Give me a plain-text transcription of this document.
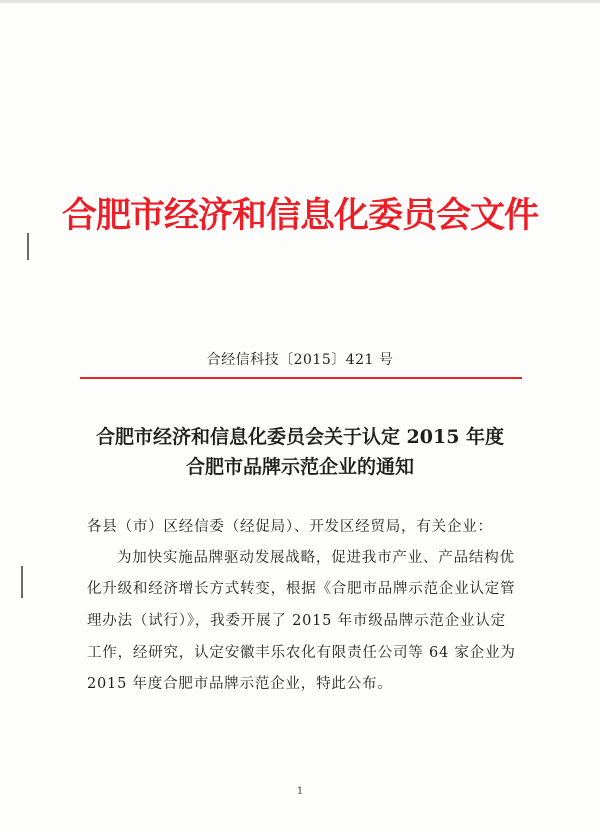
合肥市经济和信息化委员会文件
合经信科技〔2015〕421 号
合肥市经济和信息化委员会关于认定 2015 年度
合肥市品牌示范企业的通知
各县（市）区经信委（经促局）、开发区经贸局，有关企业：
为加快实施品牌驱动发展战略，促进我市产业、产品结构优
化升级和经济增长方式转变，根据《合肥市品牌示范企业认定管
理办法（试行）》，我委开展了 2015 年市级品牌示范企业认定
工作，经研究，认定安徽丰乐农化有限责任公司等 64 家企业为
2015 年度合肥市品牌示范企业，特此公布。
1
